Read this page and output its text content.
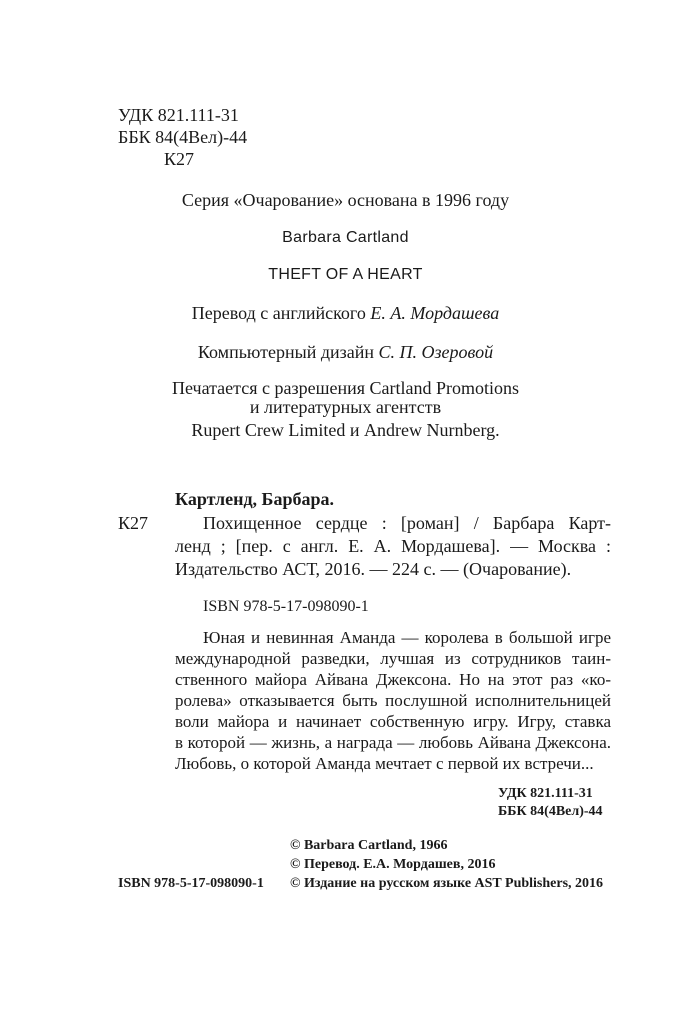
УДК 821.111-31
ББК 84(4Вел)-44
К27
Серия «Очарование» основана в 1996 году
Barbara Cartland
THEFT OF A HEART
Перевод с английского Е. А. Мордашева
Компьютерный дизайн С. П. Озеровой
Печатается с разрешения Cartland Promotions
и литературных агентств
Rupert Crew Limited и Andrew Nurnberg.
Картленд, Барбара.
К27	Похищенное сердце : [роман] / Барбара Карт-
ленд ; [пер. с англ. Е. А. Мордашева]. — Москва :
Издательство АСТ, 2016. — 224 с. — (Очарование).
ISBN 978-5-17-098090-1
Юная и невинная Аманда — королева в большой игре
международной разведки, лучшая из сотрудников таин-
ственного майора Айвана Джексона. Но на этот раз «ко-
ролева» отказывается быть послушной исполнительницей
воли майора и начинает собственную игру. Игру, ставка
в которой — жизнь, а награда — любовь Айвана Джексона.
Любовь, о которой Аманда мечтает с первой их встречи...
УДК 821.111-31
ББК 84(4Вел)-44
© Barbara Cartland, 1966
© Перевод. Е.А. Мордашев, 2016
© Издание на русском языке AST Publishers, 2016
ISBN 978-5-17-098090-1
